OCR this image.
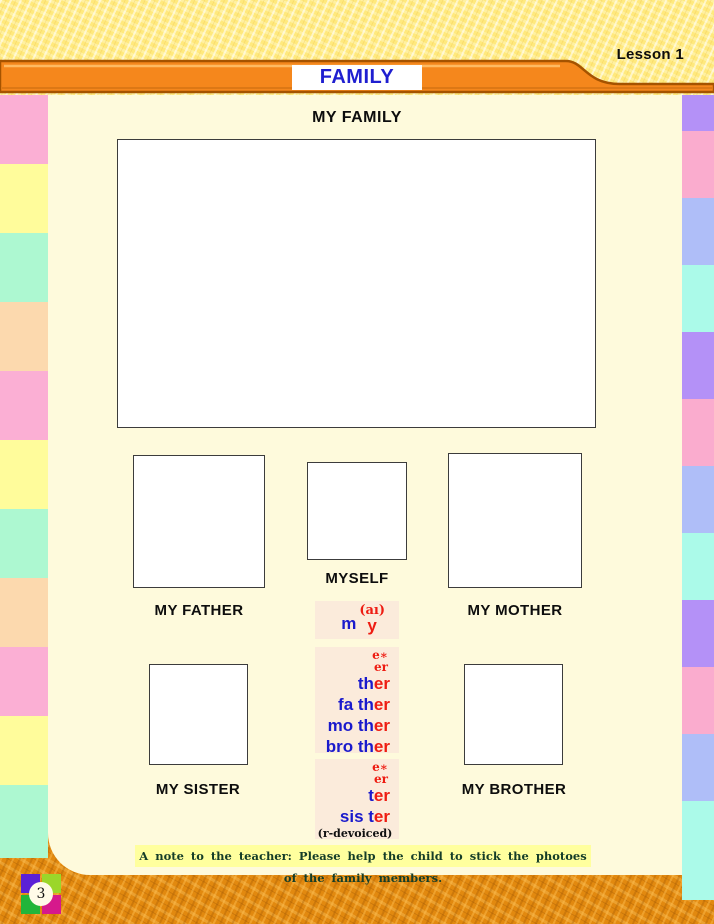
Lesson 1
FAMILY
MY FAMILY
MYSELF
MY FATHER	MY MOTHER
MY SISTER	MY BROTHER
m
(aı)
y
e∗
er
ther
fa ther
mo ther
bro ther
e∗
er
ter
sis ter
(r-devoiced)
A note to the teacher: Please help the child to stick the photoes of the family members.
3
